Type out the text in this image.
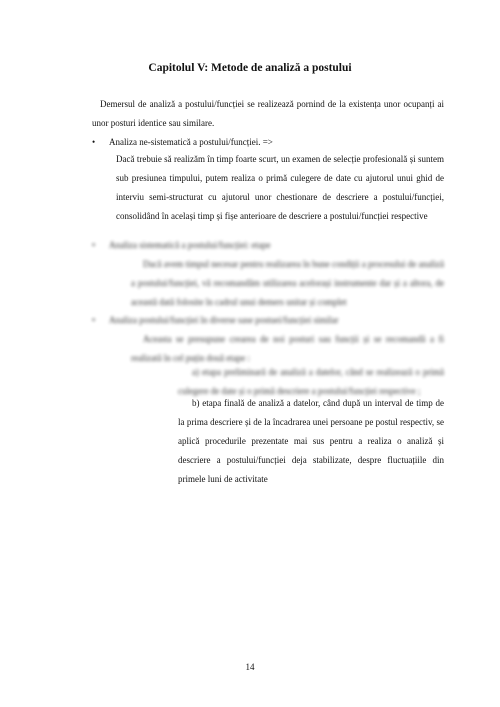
Capitolul V: Metode de analiză a postului
Demersul de analiză a postului/funcției se realizează pornind de la existența unor ocupanți ai unor posturi identice sau similare.
•	Analiza ne-sistematică a postului/funcției. =>
Dacă trebuie să realizăm în timp foarte scurt, un examen de selecție profesională și suntem sub presiunea timpului, putem realiza o primă culegere de date cu ajutorul unui ghid de interviu semi-structurat cu ajutorul unor chestionare de descriere a postului/funcției, consolidând în același timp și fișe anterioare de descriere a postului/funcției respective
•	Analiza sistematică a postului/funcției: etape
Dacă avem timpul necesar pentru realizarea în bune condiții a procesului de analiză a postului/funcției, vă recomandăm utilizarea acelorași instrumente dar și a altora, de această dată folosite în cadrul unui demers unitar și complet
•	Analiza postului/funcției în diverse sase postuei/funcției similar
Aceasta se presupune crearea de noi posturi sau funcții și se recomandă a fi realizată în cel puțin două etape :
a) etapa preliminară de analiză a datelor, când se realizează o primă culegere de date și o primă descriere a postului/funcției respective ;
b) etapa finală de analiză a datelor, când după un interval de timp de la prima descriere și de la încadrarea unei persoane pe postul respectiv, se aplică procedurile prezentate mai sus pentru a realiza o analiză și descriere a postului/funcției deja stabilizate, despre fluctuațiile din primele luni de activitate
14
